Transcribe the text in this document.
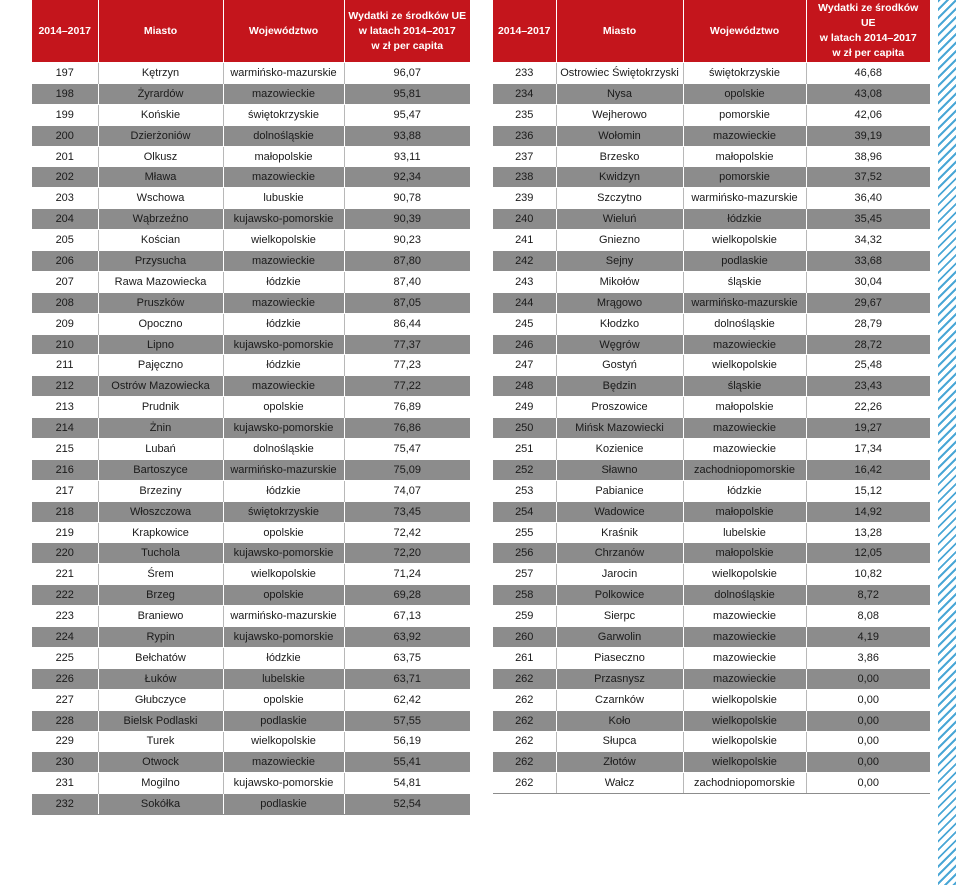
2014–2017	Miasto	Województwo	Wydatki ze środków UE
w latach 2014–2017
w zł per capita
197	Kętrzyn	warmińsko-mazurskie	96,07
198	Żyrardów	mazowieckie	95,81
199	Końskie	świętokrzyskie	95,47
200	Dzierżoniów	dolnośląskie	93,88
201	Olkusz	małopolskie	93,11
202	Mława	mazowieckie	92,34
203	Wschowa	lubuskie	90,78
204	Wąbrzeźno	kujawsko-pomorskie	90,39
205	Kościan	wielkopolskie	90,23
206	Przysucha	mazowieckie	87,80
207	Rawa Mazowiecka	łódzkie	87,40
208	Pruszków	mazowieckie	87,05
209	Opoczno	łódzkie	86,44
210	Lipno	kujawsko-pomorskie	77,37
211	Pajęczno	łódzkie	77,23
212	Ostrów Mazowiecka	mazowieckie	77,22
213	Prudnik	opolskie	76,89
214	Żnin	kujawsko-pomorskie	76,86
215	Lubań	dolnośląskie	75,47
216	Bartoszyce	warmińsko-mazurskie	75,09
217	Brzeziny	łódzkie	74,07
218	Włoszczowa	świętokrzyskie	73,45
219	Krapkowice	opolskie	72,42
220	Tuchola	kujawsko-pomorskie	72,20
221	Śrem	wielkopolskie	71,24
222	Brzeg	opolskie	69,28
223	Braniewo	warmińsko-mazurskie	67,13
224	Rypin	kujawsko-pomorskie	63,92
225	Bełchatów	łódzkie	63,75
226	Łuków	lubelskie	63,71
227	Głubczyce	opolskie	62,42
228	Bielsk Podlaski	podlaskie	57,55
229	Turek	wielkopolskie	56,19
230	Otwock	mazowieckie	55,41
231	Mogilno	kujawsko-pomorskie	54,81
232	Sokółka	podlaskie	52,54
2014–2017	Miasto	Województwo	Wydatki ze środków UE
w latach 2014–2017
w zł per capita
233	Ostrowiec Świętokrzyski	świętokrzyskie	46,68
234	Nysa	opolskie	43,08
235	Wejherowo	pomorskie	42,06
236	Wołomin	mazowieckie	39,19
237	Brzesko	małopolskie	38,96
238	Kwidzyn	pomorskie	37,52
239	Szczytno	warmińsko-mazurskie	36,40
240	Wieluń	łódzkie	35,45
241	Gniezno	wielkopolskie	34,32
242	Sejny	podlaskie	33,68
243	Mikołów	śląskie	30,04
244	Mrągowo	warmińsko-mazurskie	29,67
245	Kłodzko	dolnośląskie	28,79
246	Węgrów	mazowieckie	28,72
247	Gostyń	wielkopolskie	25,48
248	Będzin	śląskie	23,43
249	Proszowice	małopolskie	22,26
250	Mińsk Mazowiecki	mazowieckie	19,27
251	Kozienice	mazowieckie	17,34
252	Sławno	zachodniopomorskie	16,42
253	Pabianice	łódzkie	15,12
254	Wadowice	małopolskie	14,92
255	Kraśnik	lubelskie	13,28
256	Chrzanów	małopolskie	12,05
257	Jarocin	wielkopolskie	10,82
258	Polkowice	dolnośląskie	8,72
259	Sierpc	mazowieckie	8,08
260	Garwolin	mazowieckie	4,19
261	Piaseczno	mazowieckie	3,86
262	Przasnysz	mazowieckie	0,00
262	Czarnków	wielkopolskie	0,00
262	Koło	wielkopolskie	0,00
262	Słupca	wielkopolskie	0,00
262	Złotów	wielkopolskie	0,00
262	Wałcz	zachodniopomorskie	0,00
